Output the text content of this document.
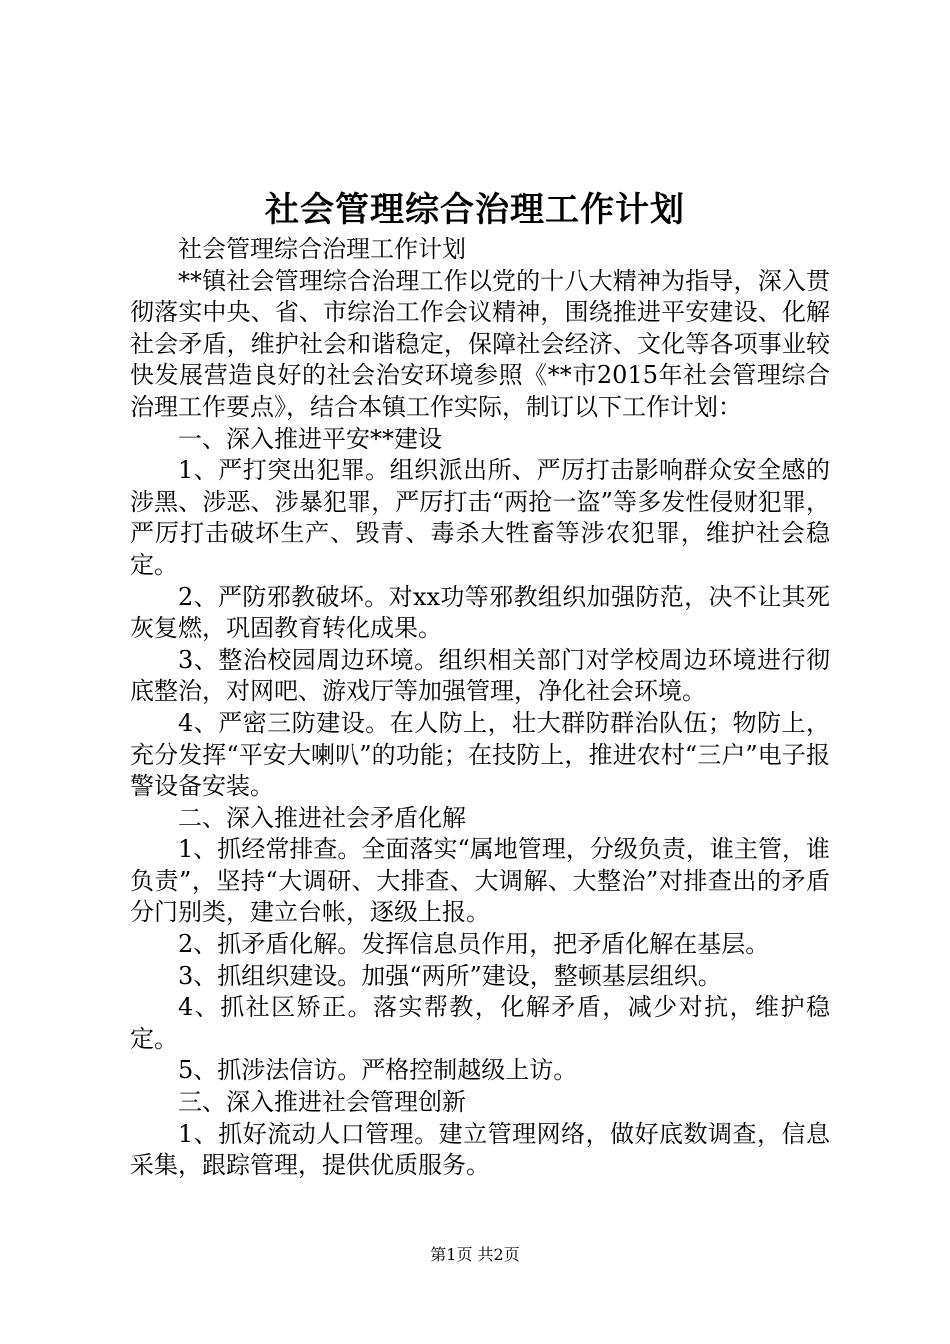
社会管理综合治理工作计划

社会管理综合治理工作计划

**镇社会管理综合治理工作以党的十八大精神为指导，深入贯彻落实中央、省、市综治工作会议精神，围绕推进平安建设、化解社会矛盾，维护社会和谐稳定，保障社会经济、文化等各项事业较快发展营造良好的社会治安环境参照《**市2015年社会管理综合治理工作要点》，结合本镇工作实际，制订以下工作计划：

一、深入推进平安**建设

1、严打突出犯罪。组织派出所、严厉打击影响群众安全感的涉黑、涉恶、涉暴犯罪，严厉打击“两抢一盗”等多发性侵财犯罪，严厉打击破坏生产、毁青、毒杀大牲畜等涉农犯罪，维护社会稳定。

2、严防邪教破坏。对xx功等邪教组织加强防范，决不让其死灰复燃，巩固教育转化成果。

3、整治校园周边环境。组织相关部门对学校周边环境进行彻底整治，对网吧、游戏厅等加强管理，净化社会环境。

4、严密三防建设。在人防上，壮大群防群治队伍；物防上，充分发挥“平安大喇叭”的功能；在技防上，推进农村“三户”电子报警设备安装。

二、深入推进社会矛盾化解

1、抓经常排查。全面落实“属地管理，分级负责，谁主管，谁负责”，坚持“大调研、大排查、大调解、大整治”对排查出的矛盾分门别类，建立台帐，逐级上报。

2、抓矛盾化解。发挥信息员作用，把矛盾化解在基层。

3、抓组织建设。加强“两所”建设，整顿基层组织。

4、抓社区矫正。落实帮教，化解矛盾，减少对抗，维护稳定。

5、抓涉法信访。严格控制越级上访。

三、深入推进社会管理创新

1、抓好流动人口管理。建立管理网络，做好底数调查，信息采集，跟踪管理，提供优质服务。

第1页 共2页
